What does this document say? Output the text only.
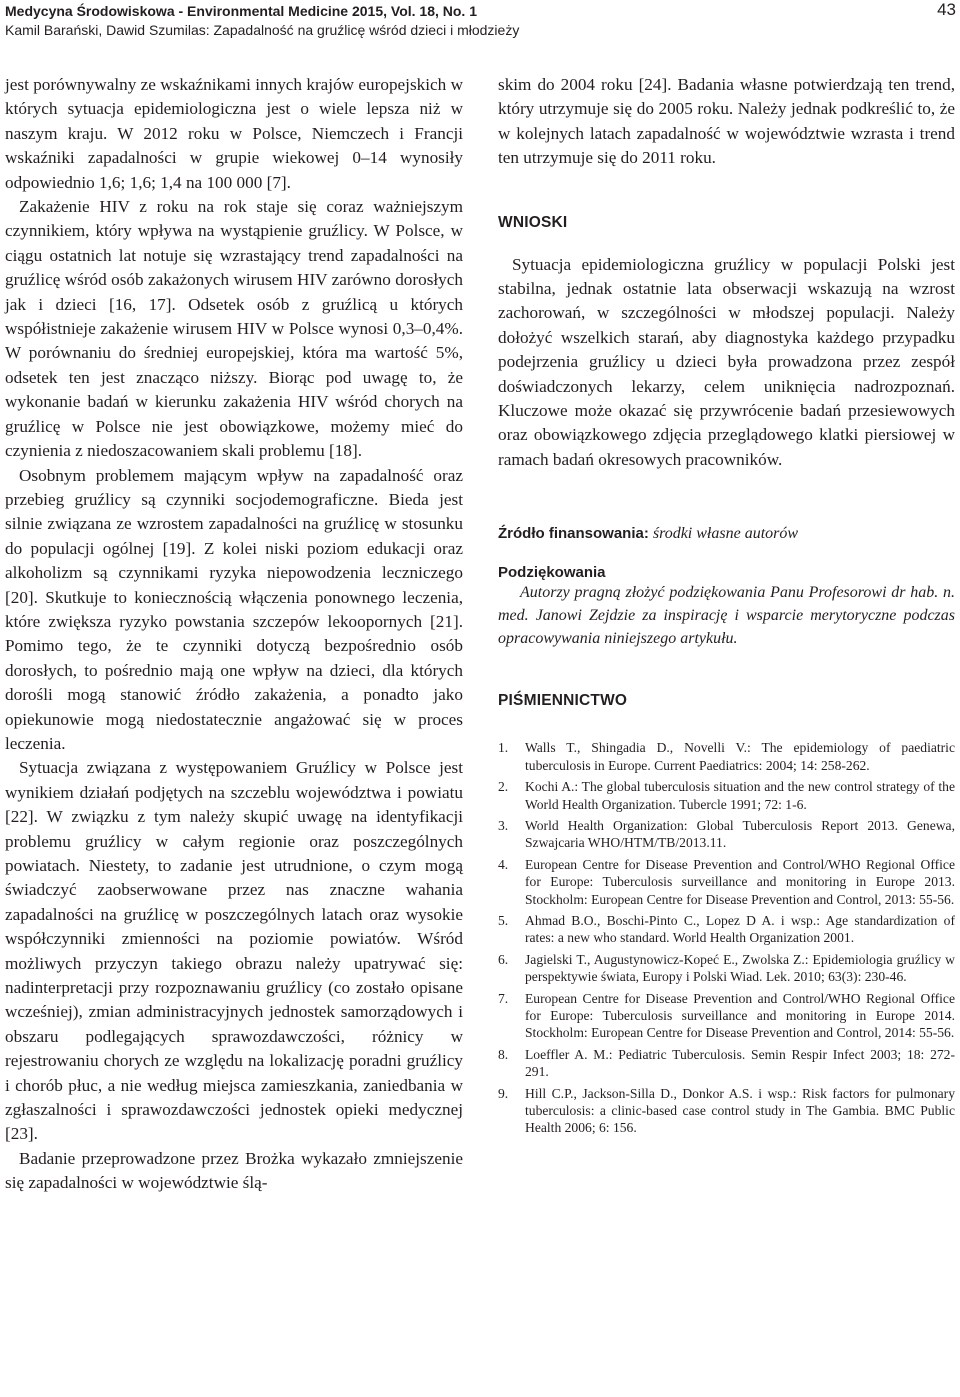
Medycyna Środowiskowa - Environmental Medicine 2015, Vol. 18, No. 1
Kamil Barański, Dawid Szumilas: Zapadalność na gruźlicę wśród dzieci i młodzieży
43

jest porównywalny ze wskaźnikami innych krajów europejskich w których sytuacja epidemiologiczna jest o wiele lepsza niż w naszym kraju. W 2012 roku w Polsce, Niemczech i Francji wskaźniki zapadalności w grupie wiekowej 0–14 wynosiły odpowiednio 1,6; 1,6; 1,4 na 100 000 [7].

Zakażenie HIV z roku na rok staje się coraz ważniejszym czynnikiem, który wpływa na wystąpienie gruźlicy. W Polsce, w ciągu ostatnich lat notuje się wzrastający trend zapadalności na gruźlicę wśród osób zakażonych wirusem HIV zarówno dorosłych jak i dzieci [16, 17]. Odsetek osób z gruźlicą u których współistnieje zakażenie wirusem HIV w Polsce wynosi 0,3–0,4%. W porównaniu do średniej europejskiej, która ma wartość 5%, odsetek ten jest znacząco niższy. Biorąc pod uwagę to, że wykonanie badań w kierunku zakażenia HIV wśród chorych na gruźlicę w Polsce nie jest obowiązkowe, możemy mieć do czynienia z niedoszacowaniem skali problemu [18].

Osobnym problemem mającym wpływ na zapadalność oraz przebieg gruźlicy są czynniki socjodemograficzne. Bieda jest silnie związana ze wzrostem zapadalności na gruźlicę w stosunku do populacji ogólnej [19]. Z kolei niski poziom edukacji oraz alkoholizm są czynnikami ryzyka niepowodzenia leczniczego [20]. Skutkuje to koniecznością włączenia ponownego leczenia, które zwiększa ryzyko powstania szczepów lekoopornych [21]. Pomimo tego, że te czynniki dotyczą bezpośrednio osób dorosłych, to pośrednio mają one wpływ na dzieci, dla których dorośli mogą stanowić źródło zakażenia, a ponadto jako opiekunowie mogą niedostatecznie angażować się w proces leczenia.

Sytuacja związana z występowaniem Gruźlicy w Polsce jest wynikiem działań podjętych na szczeblu województwa i powiatu [22]. W związku z tym należy skupić uwagę na identyfikacji problemu gruźlicy w całym regionie oraz poszczególnych powiatach. Niestety, to zadanie jest utrudnione, o czym mogą świadczyć zaobserwowane przez nas znaczne wahania zapadalności na gruźlicę w poszczególnych latach oraz wysokie współczynniki zmienności na poziomie powiatów. Wśród możliwych przyczyn takiego obrazu należy upatrywać się: nadinterpretacji przy rozpoznawaniu gruźlicy (co zostało opisane wcześniej), zmian administracyjnych jednostek samorządowych i obszaru podlegających sprawozdawczości, różnicy w rejestrowaniu chorych ze względu na lokalizację poradni gruźlicy i chorób płuc, a nie według miejsca zamieszkania, zaniedbania w zgłaszalności i sprawozdawczości jednostek opieki medycznej [23].

Badanie przeprowadzone przez Brożka wykazało zmniejszenie się zapadalności w województwie ślą-

skim do 2004 roku [24]. Badania własne potwierdzają ten trend, który utrzymuje się do 2005 roku. Należy jednak podkreślić to, że w kolejnych latach zapadalność w województwie wzrasta i trend ten utrzymuje się do 2011 roku.

WNIOSKI

Sytuacja epidemiologiczna gruźlicy w populacji Polski jest stabilna, jednak ostatnie lata obserwacji wskazują na wzrost zachorowań, w szczególności w młodszej populacji. Należy dołożyć wszelkich starań, aby diagnostyka każdego przypadku podejrzenia gruźlicy u dzieci była prowadzona przez zespół doświadczonych lekarzy, celem uniknięcia nadrozpoznań. Kluczowe może okazać się przywrócenie badań przesiewowych oraz obowiązkowego zdjęcia przeglądowego klatki piersiowej w ramach badań okresowych pracowników.

Źródło finansowania: środki własne autorów
Podziękowania

Autorzy pragną złożyć podziękowania Panu Profesorowi dr hab. n. med. Janowi Zejdzie za inspirację i wsparcie merytoryczne podczas opracowywania niniejszego artykułu.

PIŚMIENNICTWO
1. Walls T., Shingadia D., Novelli V.: The epidemiology of paediatric tuberculosis in Europe. Current Paediatrics: 2004; 14: 258-262.
2. Kochi A.: The global tuberculosis situation and the new control strategy of the World Health Organization. Tubercle 1991; 72: 1-6.
3. World Health Organization: Global Tuberculosis Report 2013. Genewa, Szwajcaria WHO/HTM/TB/2013.11.
4. European Centre for Disease Prevention and Control/WHO Regional Office for Europe: Tuberculosis surveillance and monitoring in Europe 2013. Stockholm: European Centre for Disease Prevention and Control, 2013: 55-56.
5. Ahmad B.O., Boschi-Pinto C., Lopez D A. i wsp.: Age standardization of rates: a new who standard. World Health Organization 2001.
6. Jagielski T., Augustynowicz-Kopeć E., Zwolska Z.: Epidemiologia gruźlicy w perspektywie świata, Europy i Polski Wiad. Lek. 2010; 63(3): 230-46.
7. European Centre for Disease Prevention and Control/WHO Regional Office for Europe: Tuberculosis surveillance and monitoring in Europe 2014. Stockholm: European Centre for Disease Prevention and Control, 2014: 55-56.
8. Loeffler A. M.: Pediatric Tuberculosis. Semin Respir Infect 2003; 18: 272-291.
9. Hill C.P., Jackson-Silla D., Donkor A.S. i wsp.: Risk factors for pulmonary tuberculosis: a clinic-based case control study in The Gambia. BMC Public Health 2006; 6: 156.
